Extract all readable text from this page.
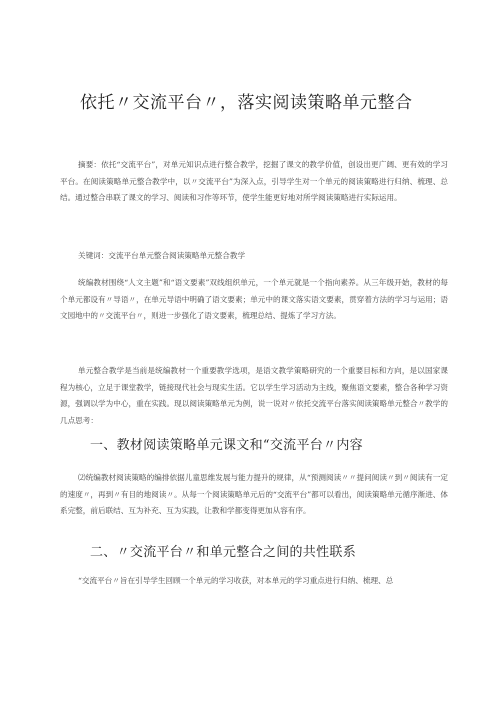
依托〃交流平台〃，落实阅读策略单元整合

摘要：依托“交流平台”，对单元知识点进行整合教学，挖掘了课文的教学价值，创设出更广阔、更有效的学习平台。在阅读策略单元整合教学中，以〃交流平台”为深入点，引导学生对一个单元的阅读策略进行归纳、梳理、总结。通过整合串联了课文的学习、阅读和习作等环节，使学生能更好地对所学阅读策略进行实际运用。

关键词：交流平台单元整合阅读策略单元整合教学

统编教材围绕“人文主题”和“语文要素”双线组织单元，一个单元就是一个指向素养。从三年级开始，教材的每个单元都设有〃导语〃，在单元导语中明确了语文要素；单元中的课文落实语文要素，贯穿着方法的学习与运用；语文园地中的〃交流平台〃，则进一步强化了语文要素，梳理总结、提炼了学习方法。

单元整合教学是当前是统编教材一个重要教学选项，是语文教学策略研究的一个重要目标和方向，是以国家课程为核心，立足于课堂教学，链接现代社会与现实生活。它以学生学习活动为主线，聚焦语文要素，整合各种学习资源，强调以学为中心，重在实践。现以阅读策略单元为例，说一说对〃依托交流平台落实阅读策略单元整合〃教学的几点思考：

一、教材阅读策略单元课文和“交流平台〃内容

⑵统编教材阅读策略的编排依据儿童思维发展与能力提升的规律，从“预测阅读〃〃提问阅读〃到〃阅读有一定的速度〃，再到〃有目的地阅读〃。从每一个阅读策略单元后的“交流平台”都可以看出，阅读策略单元循序渐进、体系完整，前后联结、互为补充、互为实践，让教和学都变得更加从容有序。

二、〃交流平台〃和单元整合之间的共性联系

“交流平台〃旨在引导学生回顾一个单元的学习收获，对本单元的学习重点进行归纳、梳理、总
